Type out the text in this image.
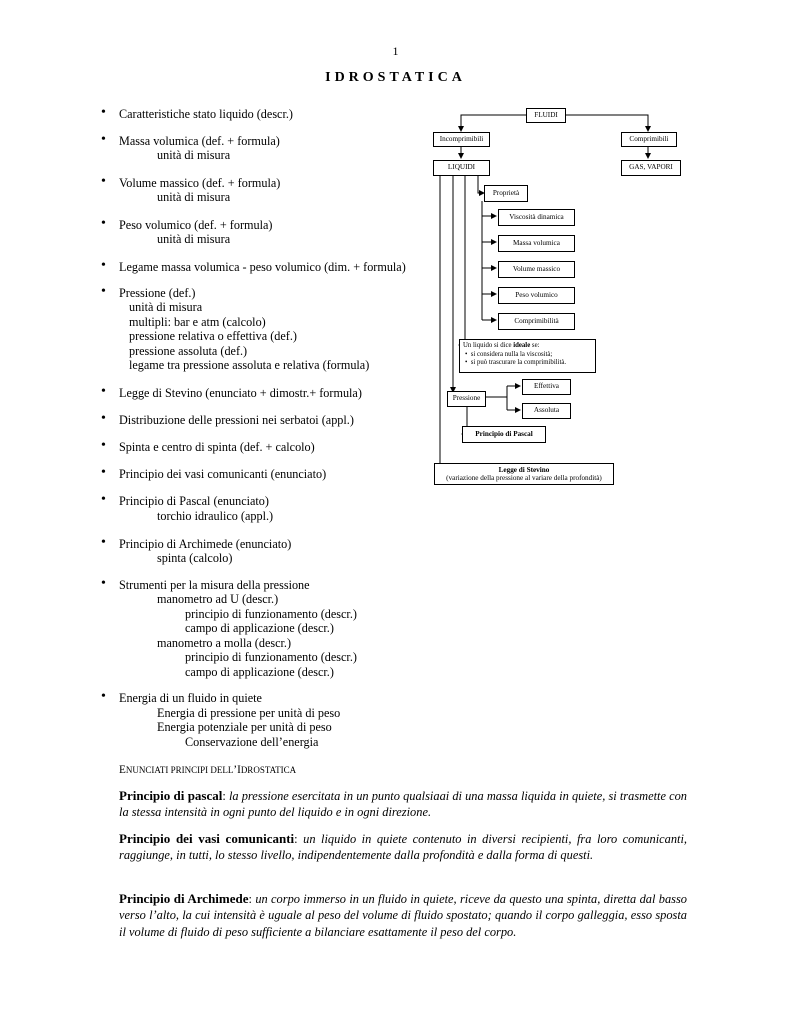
1
IDROSTATICA
• Caratteristiche stato liquido (descr.)
• Massa volumica (def. + formula)
unità di misura
• Volume massico (def. + formula)
unità di misura
• Peso volumico (def. + formula)
unità di misura
• Legame massa volumica - peso volumico (dim. + formula)
• Pressione (def.)
unità di misura
multipli: bar e atm (calcolo)
pressione relativa o effettiva (def.)
pressione assoluta (def.)
legame tra pressione assoluta e relativa (formula)
• Legge di Stevino (enunciato + dimostr.+ formula)
• Distribuzione delle pressioni nei serbatoi (appl.)
• Spinta e centro di spinta (def. + calcolo)
• Principio dei vasi comunicanti (enunciato)
• Principio di Pascal (enunciato)
torchio idraulico (appl.)
• Principio di Archimede (enunciato)
spinta (calcolo)
• Strumenti per la misura della pressione
manometro ad U (descr.)
principio di funzionamento (descr.)
campo di applicazione (descr.)
manometro a molla (descr.)
principio di funzionamento (descr.)
campo di applicazione (descr.)
• Energia di un fluido in quiete
Energia di pressione per unità di peso
Energia potenziale per unità di peso
Conservazione dell’energia
FLUIDI
Incomprimibili	Comprimibili
LIQUIDI	GAS, VAPORI
Proprietà
Viscosità dinamica
Massa volumica
Volume massico
Peso volumico
Comprimibilità
Un liquido si dice ideale se:
•  si considera nulla la viscosità;
•  si può trascurare la comprimibilità.
Pressione
Effettiva
Assoluta
Principio di Pascal
Legge di Stevino
(variazione della pressione al variare della profondità)
ENUNCIATI PRINCIPI DELL’IDROSTATICA
Principio di pascal: la pressione esercitata in un punto qualsiaai di una massa liquida in quiete, si trasmette con la stessa intensità in ogni punto del liquido e in ogni direzione.
Principio dei vasi comunicanti: un liquido in quiete contenuto in diversi recipienti, fra loro comunicanti, raggiunge, in tutti, lo stesso livello, indipendentemente dalla profondità e dalla forma di questi.
Principio di Archimede: un corpo immerso in un fluido in quiete, riceve da questo una spinta, diretta dal basso verso l’alto, la cui intensità è uguale al peso del volume di fluido spostato; quando il corpo galleggia, esso sposta il volume di fluido di peso sufficiente a bilanciare esattamente il peso del corpo.
